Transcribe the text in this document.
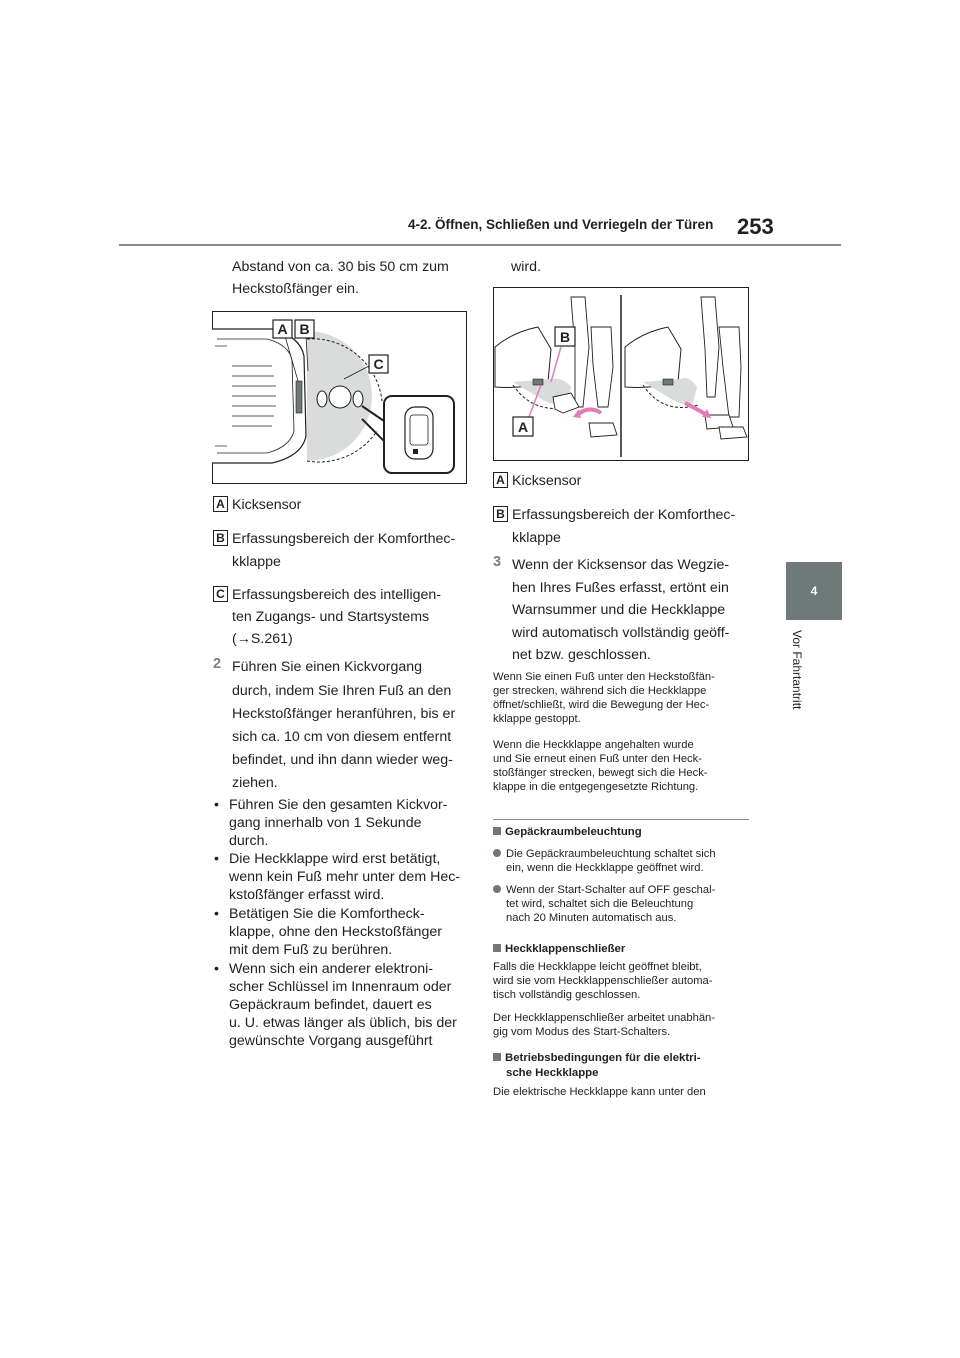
4-2. Öffnen, Schließen und Verriegeln der Türen 253
4
Vor Fahrtantritt
Abstand von ca. 30 bis 50 cm zum
Heckstoßfänger ein.
A B
C
A Kicksensor
B Erfassungsbereich der Komforthec-
kklappe
C Erfassungsbereich des intelligen-
ten Zugangs- und Startsystems
(→S.261)
2 Führen Sie einen Kickvorgang
durch, indem Sie Ihren Fuß an den
Heckstoßfänger heranführen, bis er
sich ca. 10 cm von diesem entfernt
befindet, und ihn dann wieder weg-
ziehen.
• Führen Sie den gesamten Kickvor-
gang innerhalb von 1 Sekunde
durch.
• Die Heckklappe wird erst betätigt,
wenn kein Fuß mehr unter dem Hec-
kstoßfänger erfasst wird.
• Betätigen Sie die Komfortheck-
klappe, ohne den Heckstoßfänger
mit dem Fuß zu berühren.
• Wenn sich ein anderer elektroni-
scher Schlüssel im Innenraum oder
Gepäckraum befindet, dauert es
u. U. etwas länger als üblich, bis der
gewünschte Vorgang ausgeführt
wird.
B
A
A Kicksensor
B Erfassungsbereich der Komforthec-
kklappe
3 Wenn der Kicksensor das Wegzie-
hen Ihres Fußes erfasst, ertönt ein
Warnsummer und die Heckklappe
wird automatisch vollständig geöff-
net bzw. geschlossen.
Wenn Sie einen Fuß unter den Heckstoßfän-
ger strecken, während sich die Heckklappe
öffnet/schließt, wird die Bewegung der Hec-
kklappe gestoppt.
Wenn die Heckklappe angehalten wurde
und Sie erneut einen Fuß unter den Heck-
stoßfänger strecken, bewegt sich die Heck-
klappe in die entgegengesetzte Richtung.
Gepäckraumbeleuchtung
Die Gepäckraumbeleuchtung schaltet sich
ein, wenn die Heckklappe geöffnet wird.
Wenn der Start-Schalter auf OFF geschal-
tet wird, schaltet sich die Beleuchtung
nach 20 Minuten automatisch aus.
Heckklappenschließer
Falls die Heckklappe leicht geöffnet bleibt,
wird sie vom Heckklappenschließer automa-
tisch vollständig geschlossen.
Der Heckklappenschließer arbeitet unabhän-
gig vom Modus des Start-Schalters.
Betriebsbedingungen für die elektri-
sche Heckklappe
Die elektrische Heckklappe kann unter den
